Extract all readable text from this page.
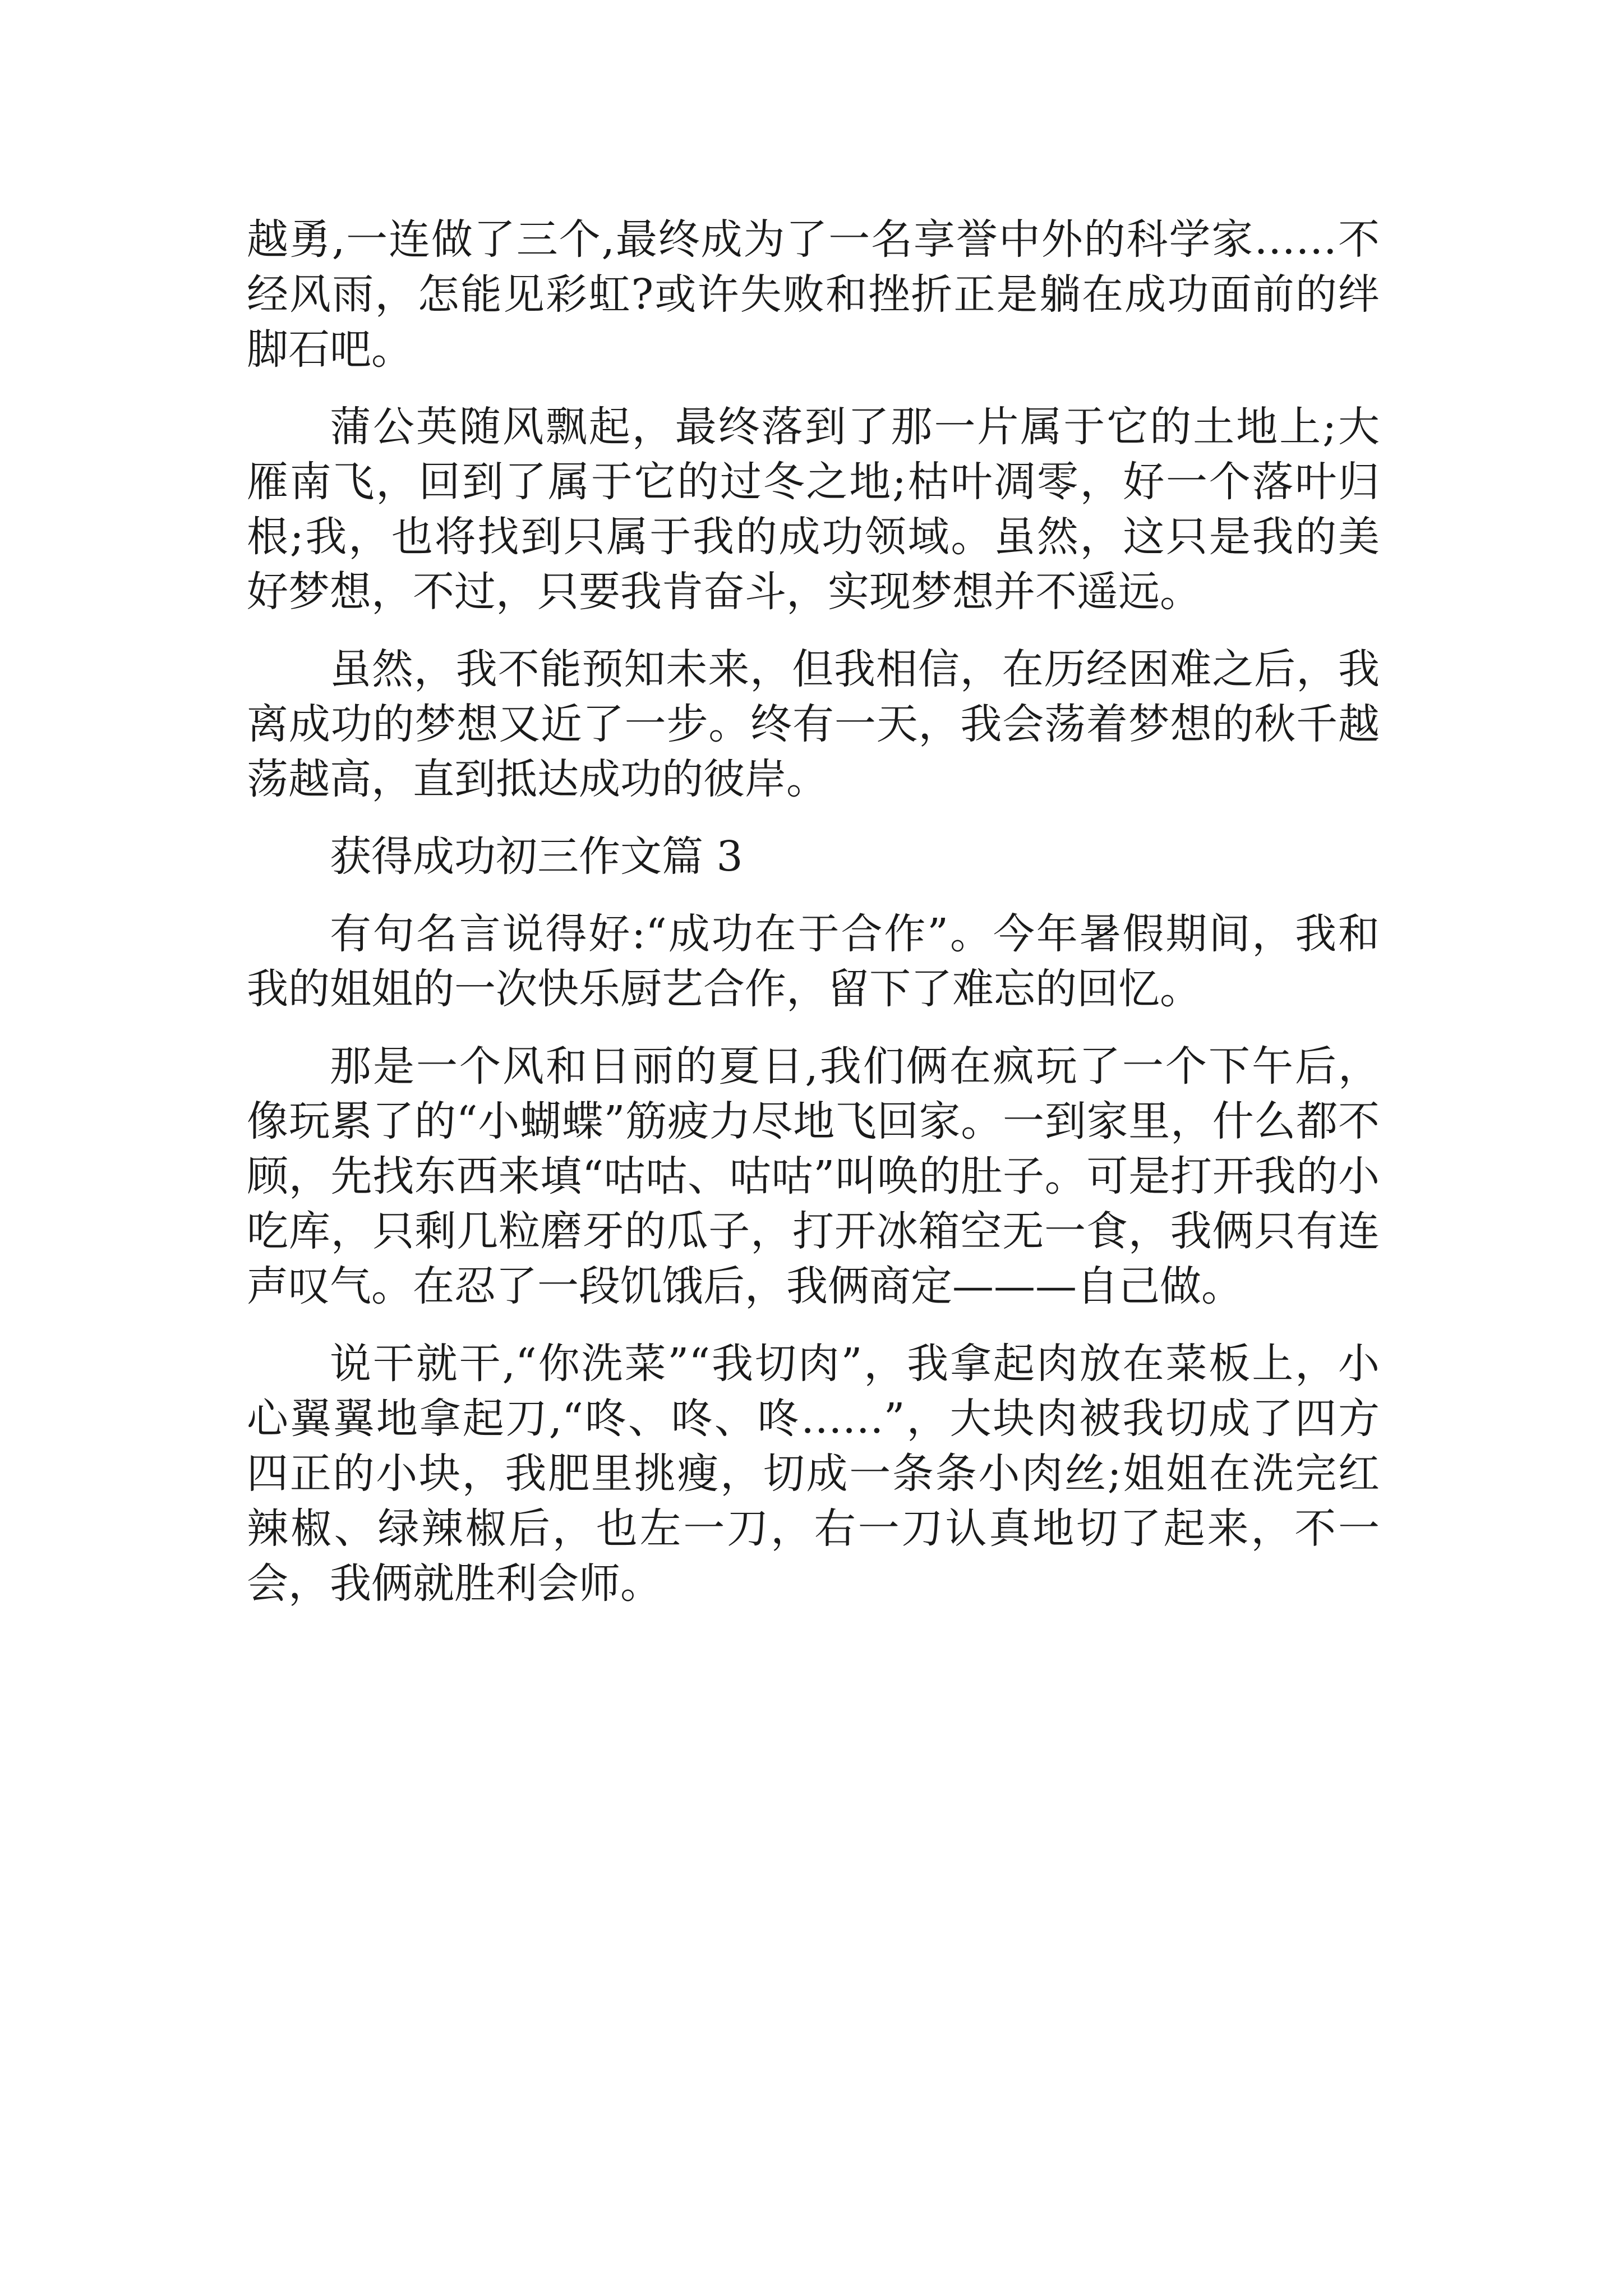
越勇,一连做了三个,最终成为了一名享誉中外的科学家……不经风雨，怎能见彩虹?或许失败和挫折正是躺在成功面前的绊脚石吧。

蒲公英随风飘起，最终落到了那一片属于它的土地上;大雁南飞，回到了属于它的过冬之地;枯叶凋零，好一个落叶归根;我，也将找到只属于我的成功领域。虽然，这只是我的美好梦想，不过，只要我肯奋斗，实现梦想并不遥远。

虽然，我不能预知未来，但我相信，在历经困难之后，我离成功的梦想又近了一步。终有一天，我会荡着梦想的秋千越荡越高，直到抵达成功的彼岸。

获得成功初三作文篇 3

有句名言说得好:“成功在于合作”。今年暑假期间，我和我的姐姐的一次快乐厨艺合作，留下了难忘的回忆。

那是一个风和日丽的夏日,我们俩在疯玩了一个下午后，像玩累了的“小蝴蝶”筋疲力尽地飞回家。一到家里，什么都不顾，先找东西来填“咕咕、咕咕”叫唤的肚子。可是打开我的小吃库，只剩几粒磨牙的瓜子，打开冰箱空无一食，我俩只有连声叹气。在忍了一段饥饿后，我俩商定———自己做。

说干就干,“你洗菜”“我切肉”，我拿起肉放在菜板上，小心翼翼地拿起刀,“咚、咚、咚……”，大块肉被我切成了四方四正的小块，我肥里挑瘦，切成一条条小肉丝;姐姐在洗完红辣椒、绿辣椒后，也左一刀，右一刀认真地切了起来，不一会，我俩就胜利会师。
